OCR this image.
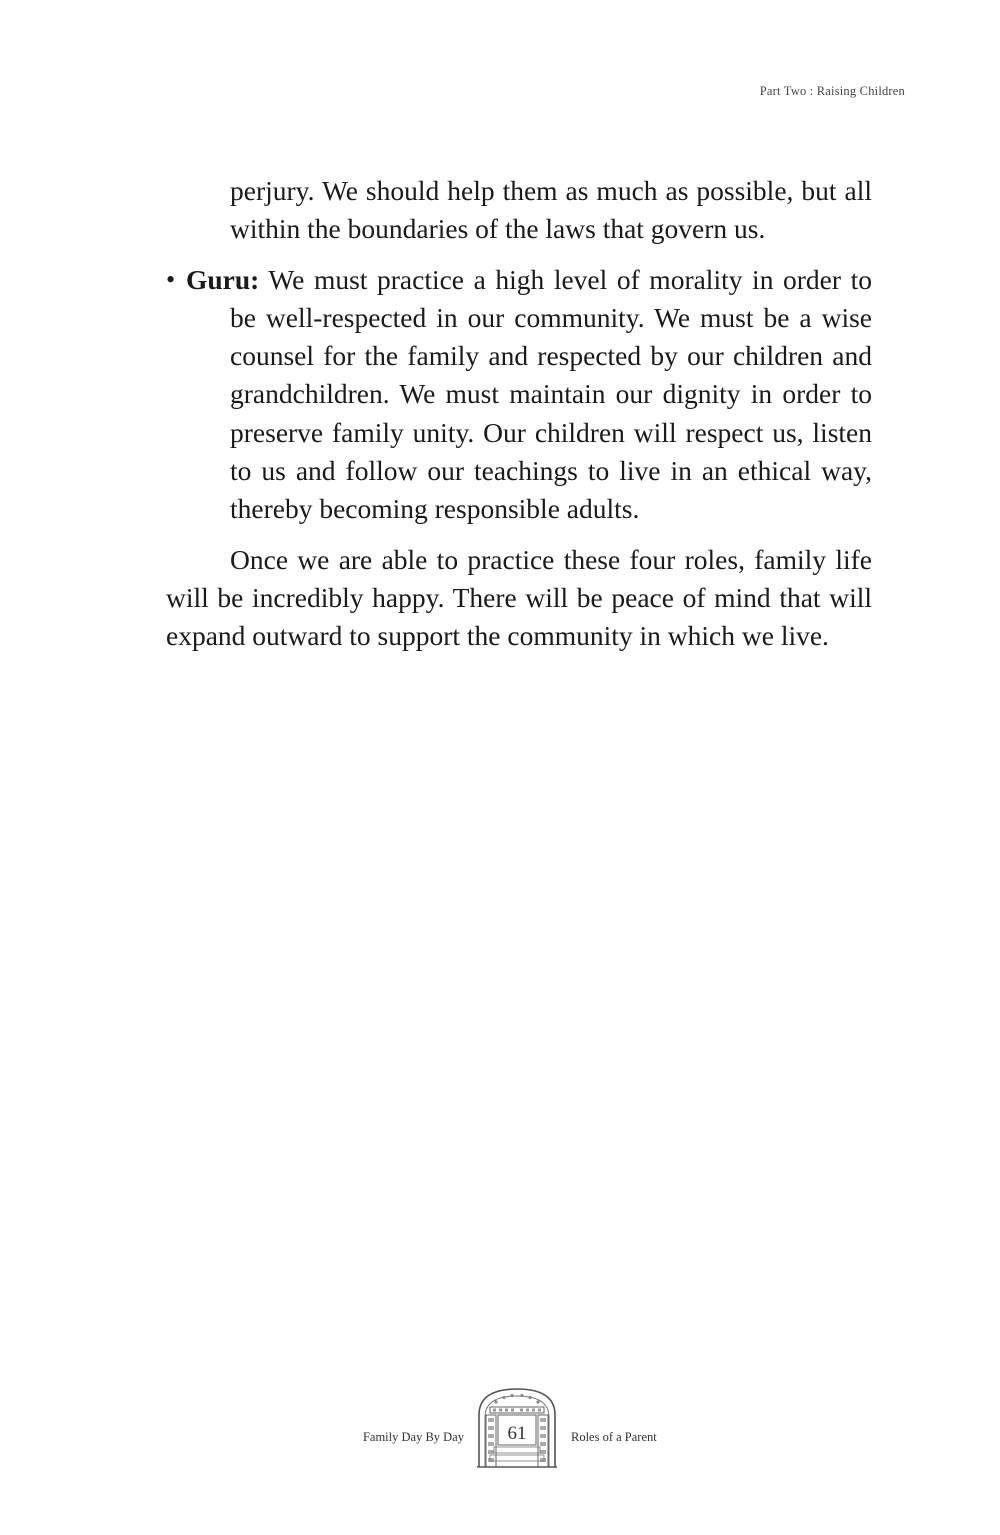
Part Two : Raising Children

perjury. We should help them as much as possible, but all within the boundaries of the laws that govern us.

• Guru: We must practice a high level of morality in order to be well-respected in our community. We must be a wise counsel for the family and respected by our children and grandchildren. We must maintain our dignity in order to preserve family unity. Our children will respect us, listen to us and follow our teachings to live in an ethical way, thereby becoming responsible adults.

Once we are able to practice these four roles, family life will be incredibly happy. There will be peace of mind that will expand outward to support the community in which we live.

Family Day By Day	61	Roles of a Parent
